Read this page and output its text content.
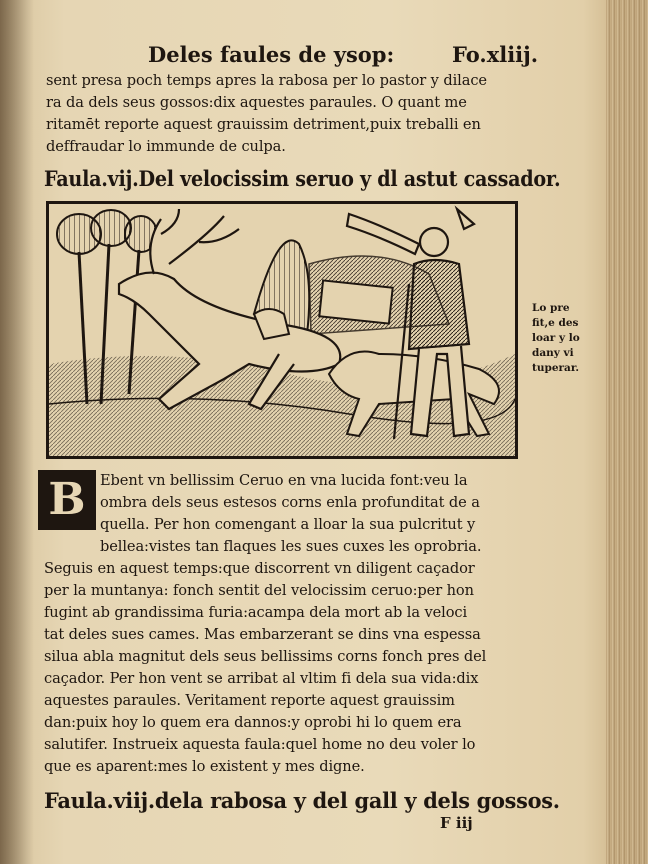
Deles faules de ysop:	Fo.xliij.
sent presa poch temps apres la rabosa per lo pastor y dilace
ra da dels seus gossos:dix aquestes paraules. O quant me
ritamēt reporte aquest grauissim detriment,puix treballi en
deffraudar lo immunde de culpa.
Faula.vij.Del velocissim seruo y dl astut cassador.
Lo pre
fit,e des
loar y lo
dany vi
tuperar.
B Ebent vn bellissim Ceruo en vna lucida font:veu la
ombra dels seus estesos corns enla profunditat de a
quella. Per hon comengant a lloar la sua pulcritut y
bellea:vistes tan flaques les sues cuxes les oprobria.
Seguis en aquest temps:que discorrent vn diligent caçador
per la muntanya: fonch sentit del velocissim ceruo:per hon
fugint ab grandissima furia:acampa dela mort ab la veloci
tat deles sues cames. Mas embarzerant se dins vna espessa
silua abla magnitut dels seus bellissims corns fonch pres del
caçador. Per hon vent se arribat al vltim fi dela sua vida:dix
aquestes paraules. Veritament reporte aquest grauissim
dan:puix hoy lo quem era dannos:y oprobi hi lo quem era
salutifer. Instrueix aquesta faula:quel home no deu voler lo
que es aparent:mes lo existent y mes digne.
Faula.viij.dela rabosa y del gall y dels gossos.
F iij
